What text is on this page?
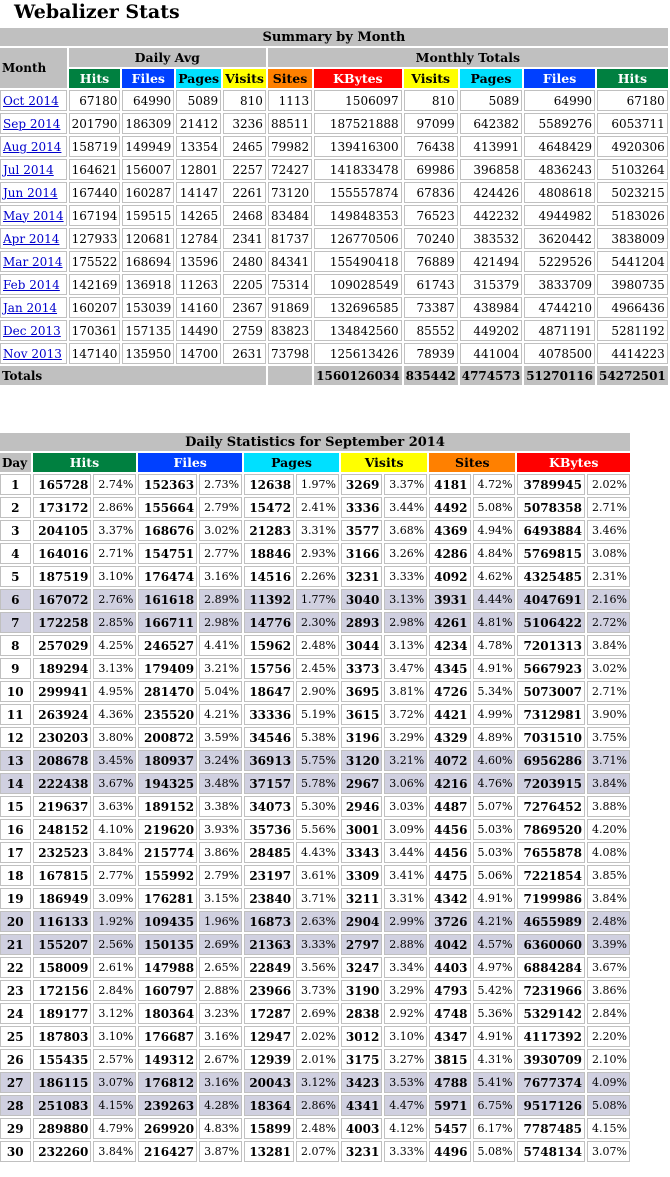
Webalizer Stats
Summary by Month										
Month	Daily Avg				Monthly Totals					
	Hits	Files	Pages	Visits	Sites	KBytes	Visits	Pages	Files	Hits
Oct 2014	67180	64990	5089	810	1113	1506097	810	5089	64990	67180
Sep 2014	201790	186309	21412	3236	88511	187521888	97099	642382	5589276	6053711
Aug 2014	158719	149949	13354	2465	79982	139416300	76438	413991	4648429	4920306
Jul 2014	164621	156007	12801	2257	72427	141833478	69986	396858	4836243	5103264
Jun 2014	167440	160287	14147	2261	73120	155557874	67836	424426	4808618	5023215
May 2014	167194	159515	14265	2468	83484	149848353	76523	442232	4944982	5183026
Apr 2014	127933	120681	12784	2341	81737	126770506	70240	383532	3620442	3838009
Mar 2014	175522	168694	13596	2480	84341	155490418	76889	421494	5229526	5441204
Feb 2014	142169	136918	11263	2205	75314	109028549	61743	315379	3833709	3980735
Jan 2014	160207	153039	14160	2367	91869	132696585	73387	438984	4744210	4966436
Dec 2013	170361	157135	14490	2759	83823	134842560	85552	449202	4871191	5281192
Nov 2013	147140	135950	14700	2631	73798	125613426	78939	441004	4078500	4414223
Totals						1560126034	835442	4774573	51270116	54272501
Daily Statistics for September 2014												
Day	Hits		Files		Pages		Visits		Sites		KBytes	
1	165728	2.74%	152363	2.73%	12638	1.97%	3269	3.37%	4181	4.72%	3789945	2.02%
2	173172	2.86%	155664	2.79%	15472	2.41%	3336	3.44%	4492	5.08%	5078358	2.71%
3	204105	3.37%	168676	3.02%	21283	3.31%	3577	3.68%	4369	4.94%	6493884	3.46%
4	164016	2.71%	154751	2.77%	18846	2.93%	3166	3.26%	4286	4.84%	5769815	3.08%
5	187519	3.10%	176474	3.16%	14516	2.26%	3231	3.33%	4092	4.62%	4325485	2.31%
6	167072	2.76%	161618	2.89%	11392	1.77%	3040	3.13%	3931	4.44%	4047691	2.16%
7	172258	2.85%	166711	2.98%	14776	2.30%	2893	2.98%	4261	4.81%	5106422	2.72%
8	257029	4.25%	246527	4.41%	15962	2.48%	3044	3.13%	4234	4.78%	7201313	3.84%
9	189294	3.13%	179409	3.21%	15756	2.45%	3373	3.47%	4345	4.91%	5667923	3.02%
10	299941	4.95%	281470	5.04%	18647	2.90%	3695	3.81%	4726	5.34%	5073007	2.71%
11	263924	4.36%	235520	4.21%	33336	5.19%	3615	3.72%	4421	4.99%	7312981	3.90%
12	230203	3.80%	200872	3.59%	34546	5.38%	3196	3.29%	4329	4.89%	7031510	3.75%
13	208678	3.45%	180937	3.24%	36913	5.75%	3120	3.21%	4072	4.60%	6956286	3.71%
14	222438	3.67%	194325	3.48%	37157	5.78%	2967	3.06%	4216	4.76%	7203915	3.84%
15	219637	3.63%	189152	3.38%	34073	5.30%	2946	3.03%	4487	5.07%	7276452	3.88%
16	248152	4.10%	219620	3.93%	35736	5.56%	3001	3.09%	4456	5.03%	7869520	4.20%
17	232523	3.84%	215774	3.86%	28485	4.43%	3343	3.44%	4456	5.03%	7655878	4.08%
18	167815	2.77%	155992	2.79%	23197	3.61%	3309	3.41%	4475	5.06%	7221854	3.85%
19	186949	3.09%	176281	3.15%	23840	3.71%	3211	3.31%	4342	4.91%	7199986	3.84%
20	116133	1.92%	109435	1.96%	16873	2.63%	2904	2.99%	3726	4.21%	4655989	2.48%
21	155207	2.56%	150135	2.69%	21363	3.33%	2797	2.88%	4042	4.57%	6360060	3.39%
22	158009	2.61%	147988	2.65%	22849	3.56%	3247	3.34%	4403	4.97%	6884284	3.67%
23	172156	2.84%	160797	2.88%	23966	3.73%	3190	3.29%	4793	5.42%	7231966	3.86%
24	189177	3.12%	180364	3.23%	17287	2.69%	2838	2.92%	4748	5.36%	5329142	2.84%
25	187803	3.10%	176687	3.16%	12947	2.02%	3012	3.10%	4347	4.91%	4117392	2.20%
26	155435	2.57%	149312	2.67%	12939	2.01%	3175	3.27%	3815	4.31%	3930709	2.10%
27	186115	3.07%	176812	3.16%	20043	3.12%	3423	3.53%	4788	5.41%	7677374	4.09%
28	251083	4.15%	239263	4.28%	18364	2.86%	4341	4.47%	5971	6.75%	9517126	5.08%
29	289880	4.79%	269920	4.83%	15899	2.48%	4003	4.12%	5457	6.17%	7787485	4.15%
30	232260	3.84%	216427	3.87%	13281	2.07%	3231	3.33%	4496	5.08%	5748134	3.07%
